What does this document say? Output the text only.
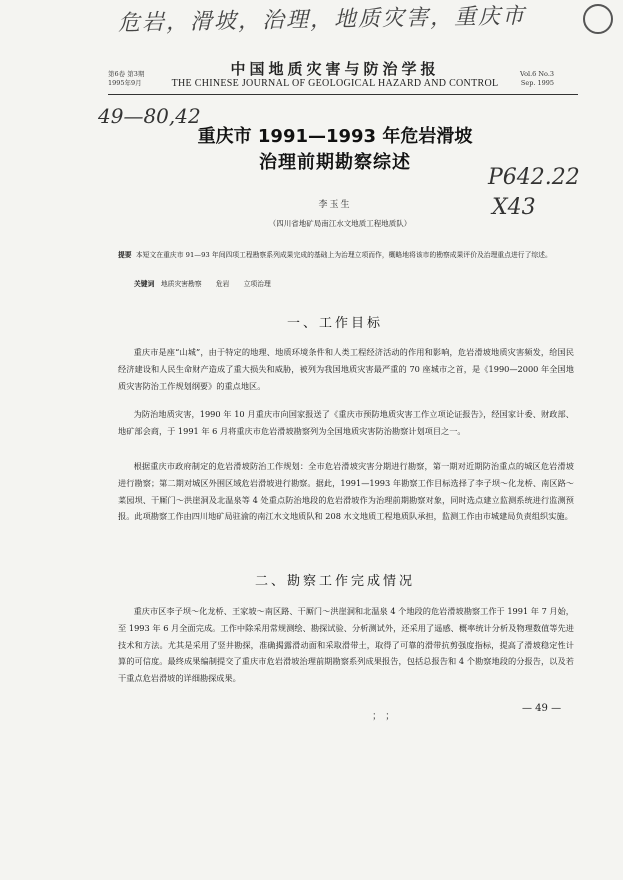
危岩，滑坡，治理，地质灾害，重庆市
第6卷 第3期
1995年9月
中国地质灾害与防治学报
THE CHINESE JOURNAL OF GEOLOGICAL HAZARD AND CONTROL
Vol.6 No.3
Sep. 1995
49—80,42
P642.22
X43
重庆市 1991—1993 年危岩滑坡
治理前期勘察综述
李玉生
（四川省地矿局南江水文地质工程地质队）
提要 本短文在重庆市 91—93 年间四项工程勘察系列成果完成的基础上为治理立项而作，概略地将该市的勘察成果评价及治理重点进行了综述。
关键词 地质灾害勘察 危岩 立项治理
一、工作目标
重庆市是座“山城”，由于特定的地理、地质环境条件和人类工程经济活动的作用和影响，危岩滑坡地质灾害频发，给国民经济建设和人民生命财产造成了重大损失和威胁，被列为我国地质灾害最严重的 70 座城市之首，是《1990—2000 年全国地质灾害防治工作规划纲要》的重点地区。
为防治地质灾害，1990 年 10 月重庆市向国家报送了《重庆市预防地质灾害工作立项论证报告》，经国家计委、财政部、地矿部会商，于 1991 年 6 月将重庆市危岩滑坡勘察列为全国地质灾害防治勘察计划项目之一。
根据重庆市政府制定的危岩滑坡防治工作规划：全市危岩滑坡灾害分期进行勘察，第一期对近期防治重点的城区危岩滑坡进行勘察；第二期对城区外围区域危岩滑坡进行勘察。据此，1991—1993 年勘察工作目标选择了李子坝～化龙桥、南区路～菜园坝、干厮门～洪崖洞及北温泉等 4 处重点防治地段的危岩滑坡作为治理前期勘察对象，同时选点建立监测系统进行监测预报。此项勘察工作由四川地矿局驻渝的南江水文地质队和 208 水文地质工程地质队承担，监测工作由市城建局负责组织实施。
二、勘察工作完成情况
重庆市区李子坝～化龙桥、王家坡～南区路、干厮门～洪崖洞和北温泉 4 个地段的危岩滑坡勘察工作于 1991 年 7 月始，至 1993 年 6 月全面完成。工作中除采用常规测绘、勘探试验、分析测试外，还采用了遥感、概率统计分析及物理数值等先进技术和方法。尤其是采用了竖井勘探，准确揭露滑动面和采取滑带土，取得了可靠的滑带抗剪强度指标，提高了滑坡稳定性计算的可信度。最终成果编制提交了重庆市危岩滑坡治理前期勘察系列成果报告，包括总报告和 4 个勘察地段的分报告，以及若干重点危岩滑坡的详细勘探成果。
； ；
— 49 —
